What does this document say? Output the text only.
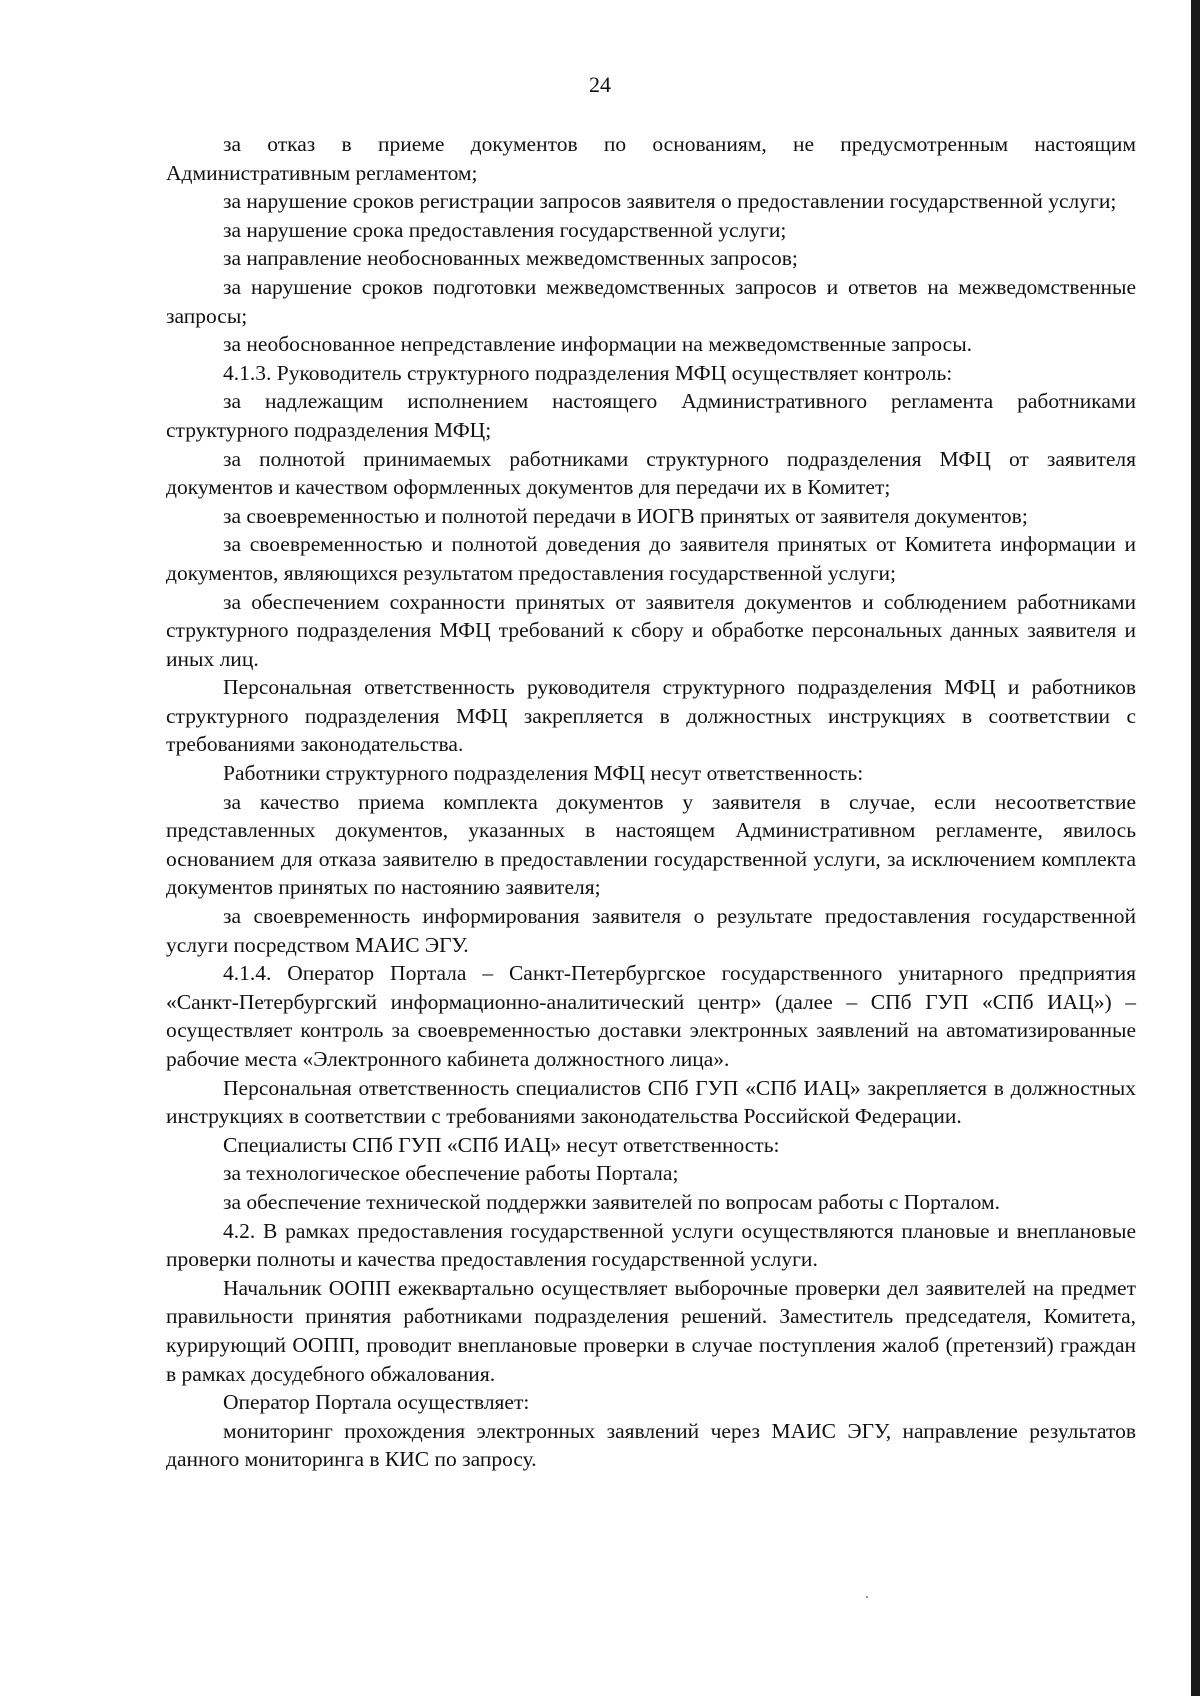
24

за отказ в приеме документов по основаниям, не предусмотренным настоящим Административным регламентом;

за нарушение сроков регистрации запросов заявителя о предоставлении государственной услуги;

за нарушение срока предоставления государственной услуги;

за направление необоснованных межведомственных запросов;

за нарушение сроков подготовки межведомственных запросов и ответов на межведомственные запросы;

за необоснованное непредставление информации на межведомственные запросы.

4.1.3. Руководитель структурного подразделения МФЦ осуществляет контроль:

за надлежащим исполнением настоящего Административного регламента работниками структурного подразделения МФЦ;

за полнотой принимаемых работниками структурного подразделения МФЦ от заявителя документов и качеством оформленных документов для передачи их в Комитет;

за своевременностью и полнотой передачи в ИОГВ принятых от заявителя документов;

за своевременностью и полнотой доведения до заявителя принятых от Комитета информации и документов, являющихся результатом предоставления государственной услуги;

за обеспечением сохранности принятых от заявителя документов и соблюдением работниками структурного подразделения МФЦ требований к сбору и обработке персональных данных заявителя и иных лиц.

Персональная ответственность руководителя структурного подразделения МФЦ и работников структурного подразделения МФЦ закрепляется в должностных инструкциях в соответствии с требованиями законодательства.

Работники структурного подразделения МФЦ несут ответственность:

за качество приема комплекта документов у заявителя в случае, если несоответствие представленных документов, указанных в настоящем Административном регламенте, явилось основанием для отказа заявителю в предоставлении государственной услуги, за исключением комплекта документов принятых по настоянию заявителя;

за своевременность информирования заявителя о результате предоставления государственной услуги посредством МАИС ЭГУ.

4.1.4. Оператор Портала – Санкт-Петербургское государственного унитарного предприятия «Санкт-Петербургский информационно-аналитический центр» (далее – СПб ГУП «СПб ИАЦ») – осуществляет контроль за своевременностью доставки электронных заявлений на автоматизированные рабочие места «Электронного кабинета должностного лица».

Персональная ответственность специалистов СПб ГУП «СПб ИАЦ» закрепляется в должностных инструкциях в соответствии с требованиями законодательства Российской Федерации.

Специалисты СПб ГУП «СПб ИАЦ» несут ответственность:

за технологическое обеспечение работы Портала;

за обеспечение технической поддержки заявителей по вопросам работы с Порталом.

4.2. В рамках предоставления государственной услуги осуществляются плановые и внеплановые проверки полноты и качества предоставления государственной услуги.

Начальник ООПП ежеквартально осуществляет выборочные проверки дел заявителей на предмет правильности принятия работниками подразделения решений. Заместитель председателя, Комитета, курирующий ООПП, проводит внеплановые проверки в случае поступления жалоб (претензий) граждан в рамках досудебного обжалования.

Оператор Портала осуществляет:

мониторинг прохождения электронных заявлений через МАИС ЭГУ, направление результатов данного мониторинга в КИС по запросу.
